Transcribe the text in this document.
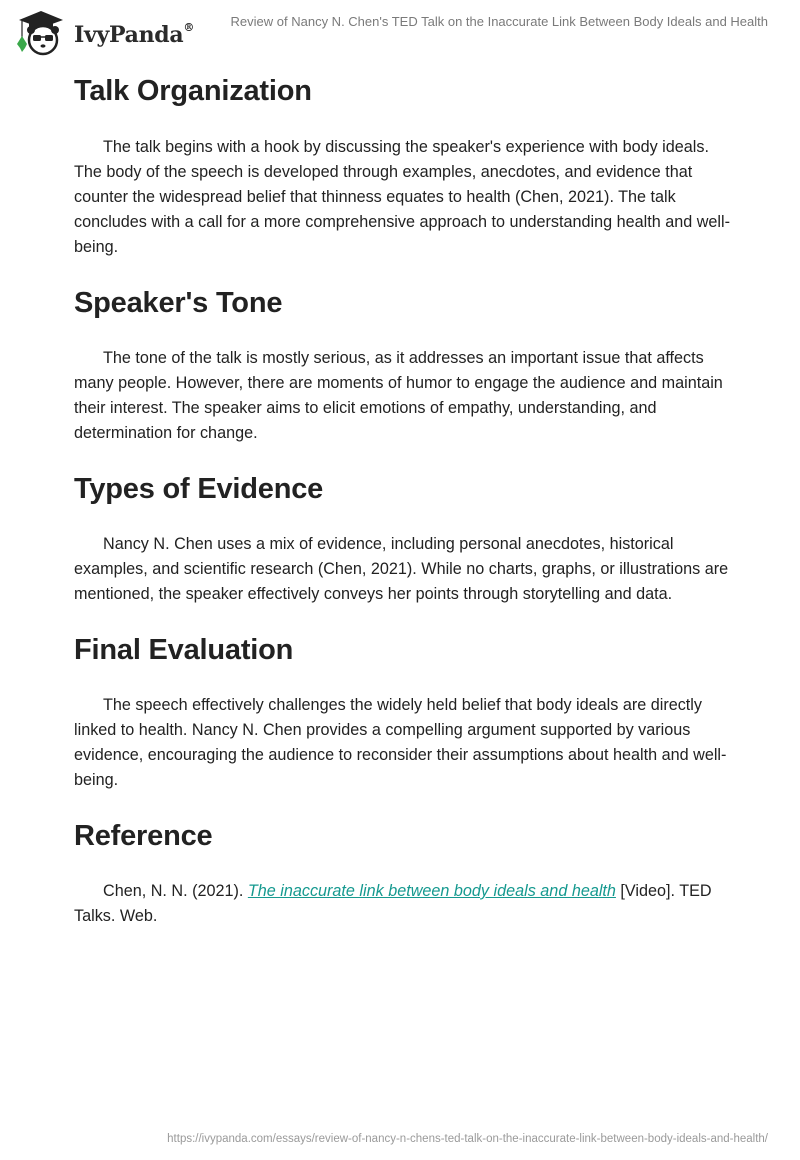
IvyPanda®	Review of Nancy N. Chen's TED Talk on the Inaccurate Link Between Body Ideals and Health
Talk Organization

The talk begins with a hook by discussing the speaker's experience with body ideals. The body of the speech is developed through examples, anecdotes, and evidence that counter the widespread belief that thinness equates to health (Chen, 2021). The talk concludes with a call for a more comprehensive approach to understanding health and well-being.

Speaker's Tone

The tone of the talk is mostly serious, as it addresses an important issue that affects many people. However, there are moments of humor to engage the audience and maintain their interest. The speaker aims to elicit emotions of empathy, understanding, and determination for change.

Types of Evidence

Nancy N. Chen uses a mix of evidence, including personal anecdotes, historical examples, and scientific research (Chen, 2021). While no charts, graphs, or illustrations are mentioned, the speaker effectively conveys her points through storytelling and data.

Final Evaluation

The speech effectively challenges the widely held belief that body ideals are directly linked to health. Nancy N. Chen provides a compelling argument supported by various evidence, encouraging the audience to reconsider their assumptions about health and well-being.

Reference

Chen, N. N. (2021). The inaccurate link between body ideals and health [Video]. TED Talks. Web.

https://ivypanda.com/essays/review-of-nancy-n-chens-ted-talk-on-the-inaccurate-link-between-body-ideals-and-health/
